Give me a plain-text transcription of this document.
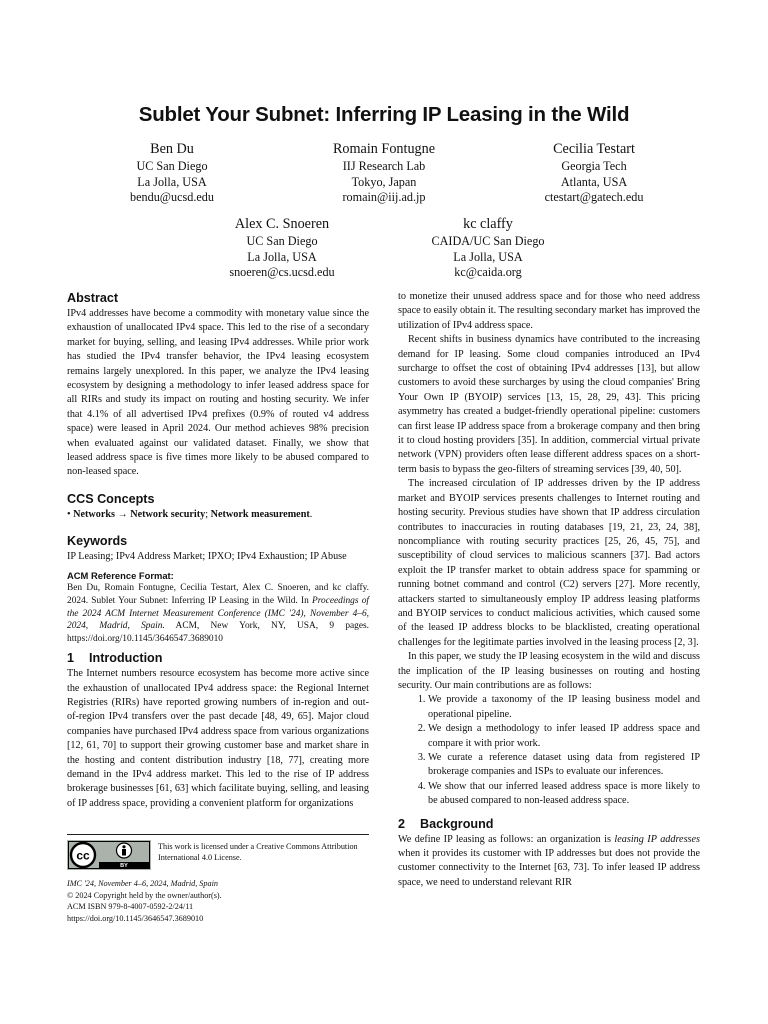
Sublet Your Subnet: Inferring IP Leasing in the Wild
Ben Du
UC San Diego
La Jolla, USA
bendu@ucsd.edu
Romain Fontugne
IIJ Research Lab
Tokyo, Japan
romain@iij.ad.jp
Cecilia Testart
Georgia Tech
Atlanta, USA
ctestart@gatech.edu
Alex C. Snoeren
UC San Diego
La Jolla, USA
snoeren@cs.ucsd.edu
kc claffy
CAIDA/UC San Diego
La Jolla, USA
kc@caida.org
Abstract

IPv4 addresses have become a commodity with monetary value since the exhaustion of unallocated IPv4 space. This led to the rise of a secondary market for buying, selling, and leasing IPv4 addresses. While prior work has studied the IPv4 transfer behavior, the IPv4 leasing ecosystem remains largely unexplored. In this paper, we analyze the IPv4 leasing ecosystem by designing a methodology to infer leased address space for all RIRs and study its impact on routing and hosting security. We infer that 4.1% of all advertised IPv4 prefixes (0.9% of routed v4 address space) were leased in April 2024. Our method achieves 98% precision when evaluated against our validated dataset. Finally, we show that leased address space is five times more likely to be abused compared to non-leased space.

CCS Concepts

• Networks → Network security; Network measurement.

Keywords

IP Leasing; IPv4 Address Market; IPXO; IPv4 Exhaustion; IP Abuse

ACM Reference Format:

Ben Du, Romain Fontugne, Cecilia Testart, Alex C. Snoeren, and kc claffy. 2024. Sublet Your Subnet: Inferring IP Leasing in the Wild. In Proceedings of the 2024 ACM Internet Measurement Conference (IMC '24), November 4–6, 2024, Madrid, Spain. ACM, New York, NY, USA, 9 pages. https://doi.org/10.1145/3646547.3689010

1 Introduction

The Internet numbers resource ecosystem has become more active since the exhaustion of unallocated IPv4 address space: the Regional Internet Registries (RIRs) have reported growing numbers of in-region and out-of-region IPv4 transfers over the past decade [48, 49, 65]. Major cloud companies have purchased IPv4 address space from various organizations [12, 61, 70] to support their growing customer base and market share in the hosting and content distribution industry [18, 77], creating more demand in the IPv4 address market. This led to the rise of IP address brokerage businesses [61, 63] which facilitate buying, selling, and leasing of IP address space, providing a convenient platform for organizations

cc
BY
This work is licensed under a Creative Commons Attribution International 4.0 License.
IMC '24, November 4–6, 2024, Madrid, Spain
© 2024 Copyright held by the owner/author(s).
ACM ISBN 979-8-4007-0592-2/24/11
https://doi.org/10.1145/3646547.3689010

to monetize their unused address space and for those who need address space to easily obtain it. The resulting secondary market has improved the utilization of IPv4 address space.

Recent shifts in business dynamics have contributed to the increasing demand for IP leasing. Some cloud companies introduced an IPv4 surcharge to offset the cost of obtaining IPv4 addresses [13], but allow customers to avoid these surcharges by using the cloud companies' Bring Your Own IP (BYOIP) services [13, 15, 28, 29, 43]. This pricing asymmetry has created a budget-friendly operational pipeline: customers can first lease IP address space from a brokerage company and then bring it to cloud hosting providers [35]. In addition, commercial virtual private network (VPN) providers often lease different address spaces on a short-term basis to bypass the geo-filters of streaming services [39, 40, 50].

The increased circulation of IP addresses driven by the IP address market and BYOIP services presents challenges to Internet routing and hosting security. Previous studies have shown that IP address circulation contributes to inaccuracies in routing databases [19, 21, 23, 24, 38], noncompliance with routing security practices [25, 26, 45, 75], and susceptibility of cloud services to malicious scanners [37]. Bad actors exploit the IP transfer market to obtain address space for spamming or running botnet command and control (C2) servers [27]. More recently, attackers started to simultaneously employ IP address leasing platforms and BYOIP services to conduct malicious activities, which caused some of the leased IP address blocks to be blacklisted, creating operational challenges for the legitimate parties involved in the leasing process [2, 3].

In this paper, we study the IP leasing ecosystem in the wild and discuss the implication of the IP leasing businesses on routing and hosting security. Our main contributions are as follows:

1. We provide a taxonomy of the IP leasing business model and operational pipeline.
2. We design a methodology to infer leased IP address space and compare it with prior work.
3. We curate a reference dataset using data from registered IP brokerage companies and ISPs to evaluate our inferences.
4. We show that our inferred leased address space is more likely to be abused compared to non-leased address space.
2 Background

We define IP leasing as follows: an organization is leasing IP addresses when it provides its customer with IP addresses but does not provide the customer connectivity to the Internet [63, 73]. To infer leased IP address space, we need to understand relevant RIR
